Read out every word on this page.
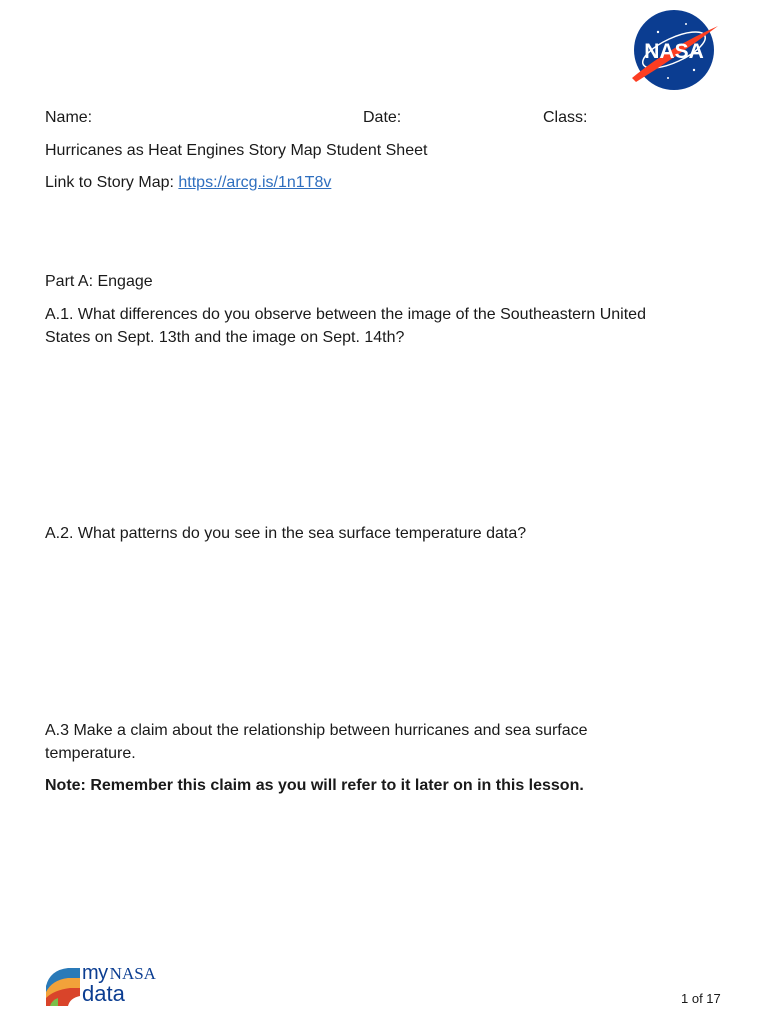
NASA
Name:	Date:	Class:
Hurricanes as Heat Engines Story Map Student Sheet
Link to Story Map: https://arcg.is/1n1T8v
Part A: Engage
A.1. What differences do you observe between the image of the Southeastern United
States on Sept. 13th and the image on Sept. 14th?
A.2. What patterns do you see in the sea surface temperature data?
A.3 Make a claim about the relationship between hurricanes and sea surface
temperature.
Note: Remember this claim as you will refer to it later on in this lesson.
my NASA
data	1 of 17
